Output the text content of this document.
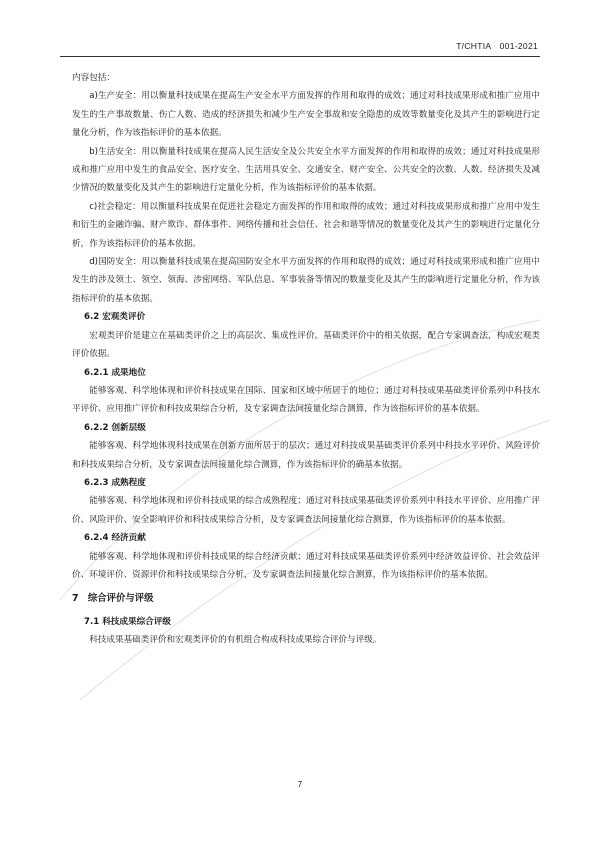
T/CHTIA　001-2021

内容包括：

a)生产安全：用以衡量科技成果在提高生产安全水平方面发挥的作用和取得的成效；通过对科技成果形成和推广应用中发生的生产事故数量、伤亡人数、造成的经济损失和减少生产安全事故和安全隐患的成效等数量变化及其产生的影响进行定量化分析，作为该指标评价的基本依据。

b)生活安全：用以衡量科技成果在提高人民生活安全及公共安全水平方面发挥的作用和取得的成效；通过对科技成果形成和推广应用中发生的食品安全、医疗安全、生活用具安全、交通安全、财产安全、公共安全的次数、人数、经济损失及减少情况的数量变化及其产生的影响进行定量化分析，作为该指标评价的基本依据。

c)社会稳定：用以衡量科技成果在促进社会稳定方面发挥的作用和取得的成效；通过对科技成果形成和推广应用中发生和衍生的金融诈骗、财产欺诈、群体事件、网络传播和社会信任、社会和谐等情况的数量变化及其产生的影响进行定量化分析，作为该指标评价的基本依据。

d)国防安全：用以衡量科技成果在提高国防安全水平方面发挥的作用和取得的成效；通过对科技成果形成和推广应用中发生的涉及领土、领空、领海、涉密网络、军队信息、军事装备等情况的数量变化及其产生的影响进行定量化分析，作为该指标评价的基本依据。

6.2 宏观类评价

宏观类评价是建立在基础类评价之上的高层次、集成性评价。基础类评价中的相关依据，配合专家调查法，构成宏观类评价依据。

6.2.1 成果地位

能够客观、科学地体现和评价科技成果在国际、国家和区域中所居于的地位；通过对科技成果基础类评价系列中科技水平评价、应用推广评价和科技成果综合分析，及专家调查法间接量化综合测算，作为该指标评价的基本依据。

6.2.2 创新层级

能够客观、科学地体现科技成果在创新方面所居于的层次；通过对科技成果基础类评价系列中科技水平评价、风险评价和科技成果综合分析，及专家调查法间接量化综合测算，作为该指标评价的确基本依据。

6.2.3 成熟程度

能够客观、科学地体现和评价科技成果的综合成熟程度；通过对科技成果基础类评价系列中科技水平评价、应用推广评价、风险评价、安全影响评价和科技成果综合分析，及专家调查法间接量化综合测算，作为该指标评价的基本依据。

6.2.4 经济贡献

能够客观、科学地体现和评价科技成果的综合经济贡献；通过对科技成果基础类评价系列中经济效益评价、社会效益评价、环境评价、资源评价和科技成果综合分析，及专家调查法间接量化综合测算，作为该指标评价的基本依据。

7　综合评价与评级

7.1 科技成果综合评级

科技成果基础类评价和宏观类评价的有机组合构成科技成果综合评价与评级。

7
